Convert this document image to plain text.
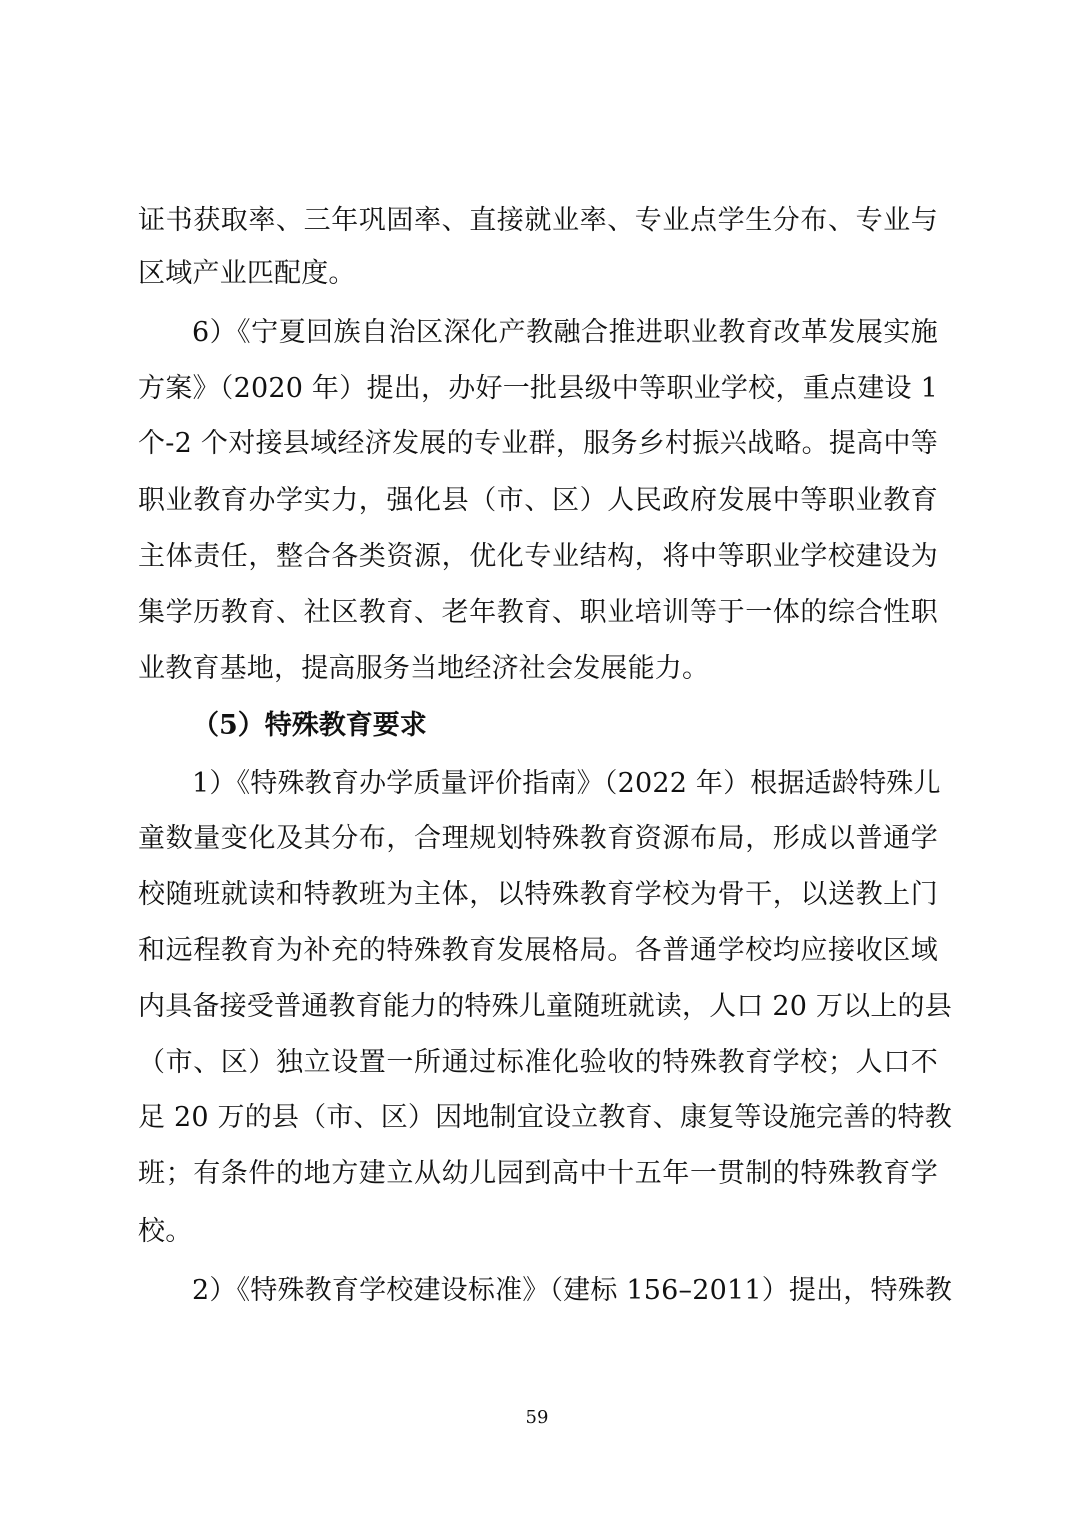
证书获取率、三年巩固率、直接就业率、专业点学生分布、专业与
区域产业匹配度。
6）《宁夏回族自治区深化产教融合推进职业教育改革发展实施
方案》（2020 年）提出，办好一批县级中等职业学校，重点建设 1
个-2 个对接县域经济发展的专业群，服务乡村振兴战略。提高中等
职业教育办学实力，强化县（市、区）人民政府发展中等职业教育
主体责任，整合各类资源，优化专业结构，将中等职业学校建设为
集学历教育、社区教育、老年教育、职业培训等于一体的综合性职
业教育基地，提高服务当地经济社会发展能力。
（5）特殊教育要求
1）《特殊教育办学质量评价指南》（2022 年）根据适龄特殊儿
童数量变化及其分布，合理规划特殊教育资源布局，形成以普通学
校随班就读和特教班为主体，以特殊教育学校为骨干，以送教上门
和远程教育为补充的特殊教育发展格局。各普通学校均应接收区域
内具备接受普通教育能力的特殊儿童随班就读，人口 20 万以上的县
（市、区）独立设置一所通过标准化验收的特殊教育学校；人口不
足 20 万的县（市、区）因地制宜设立教育、康复等设施完善的特教
班；有条件的地方建立从幼儿园到高中十五年一贯制的特殊教育学
校。
2）《特殊教育学校建设标准》（建标 156–2011）提出，特殊教
59
